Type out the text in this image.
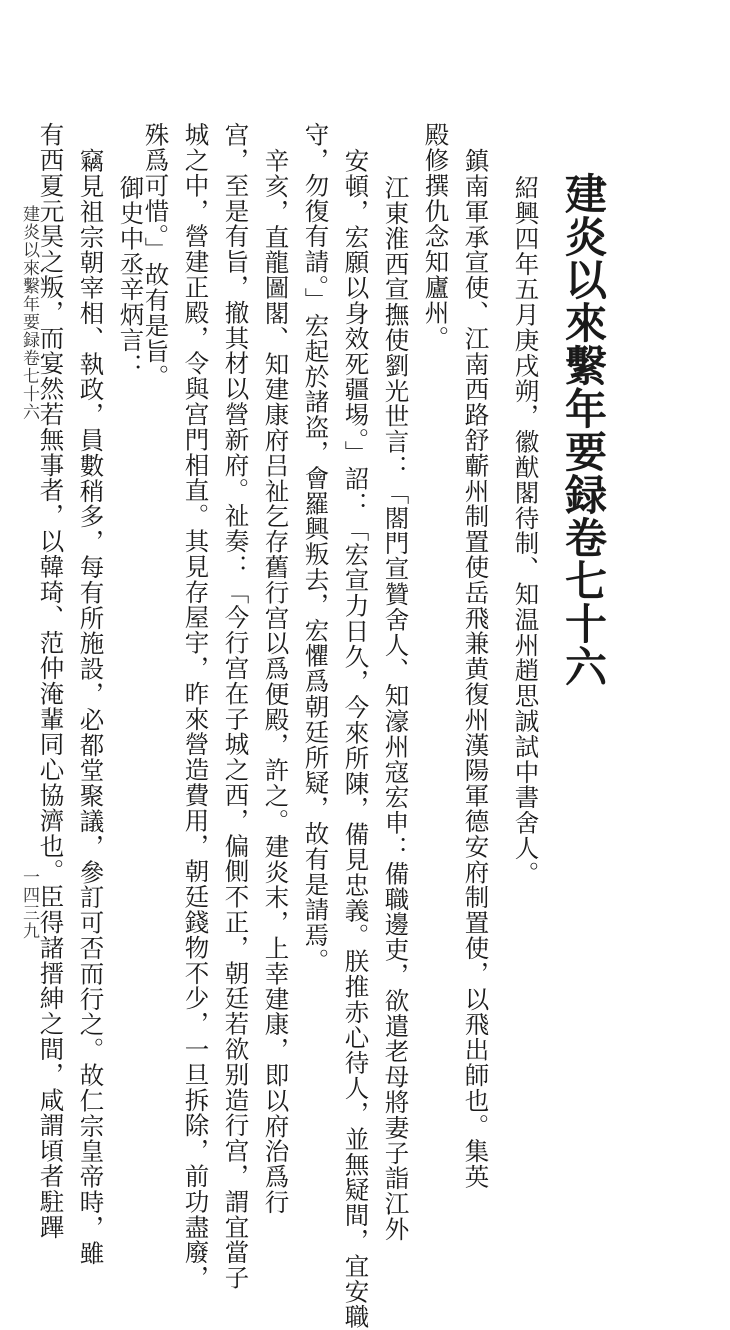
建炎以來繫年要録卷七十六
紹興四年五月庚戌朔，徽猷閣待制、知温州趙思誠試中書舍人。
鎮南軍承宣使、江南西路舒蘄州制置使岳飛兼黄復州漢陽軍德安府制置使，以飛出師也。集英
殿修撰仇念知廬州。
江東淮西宣撫使劉光世言：「閤門宣贊舍人、知濠州寇宏申：備職邊吏，欲遣老母將妻子詣江外
安頓，宏願以身效死疆埸。」詔：「宏宣力日久，今來所陳，備見忠義。朕推赤心待人，並無疑間，宜安職
守，勿復有請。」宏起於諸盗，會羅興叛去，宏懼爲朝廷所疑，故有是請焉。
辛亥，直龍圖閣、知建康府吕祉乞存舊行宫以爲便殿，許之。建炎末，上幸建康，即以府治爲行
宫，至是有旨，撤其材以營新府。祉奏：「今行宫在子城之西，偏側不正，朝廷若欲别造行宫，謂宜當子
城之中，營建正殿，令與宫門相直。其見存屋宇，昨來營造費用，朝廷錢物不少，一旦拆除，前功盡廢，
殊爲可惜。」故有是旨。
御史中丞辛炳言：
竊見祖宗朝宰相、執政，員數稍多，每有所施設，必都堂聚議，參訂可否而行之。故仁宗皇帝時，雖
有西夏元昊之叛，而宴然若無事者，以韓琦、范仲淹輩同心協濟也。臣得諸搢紳之間，咸謂頃者駐蹕
建炎以來繫年要録卷七十六
一四三九
